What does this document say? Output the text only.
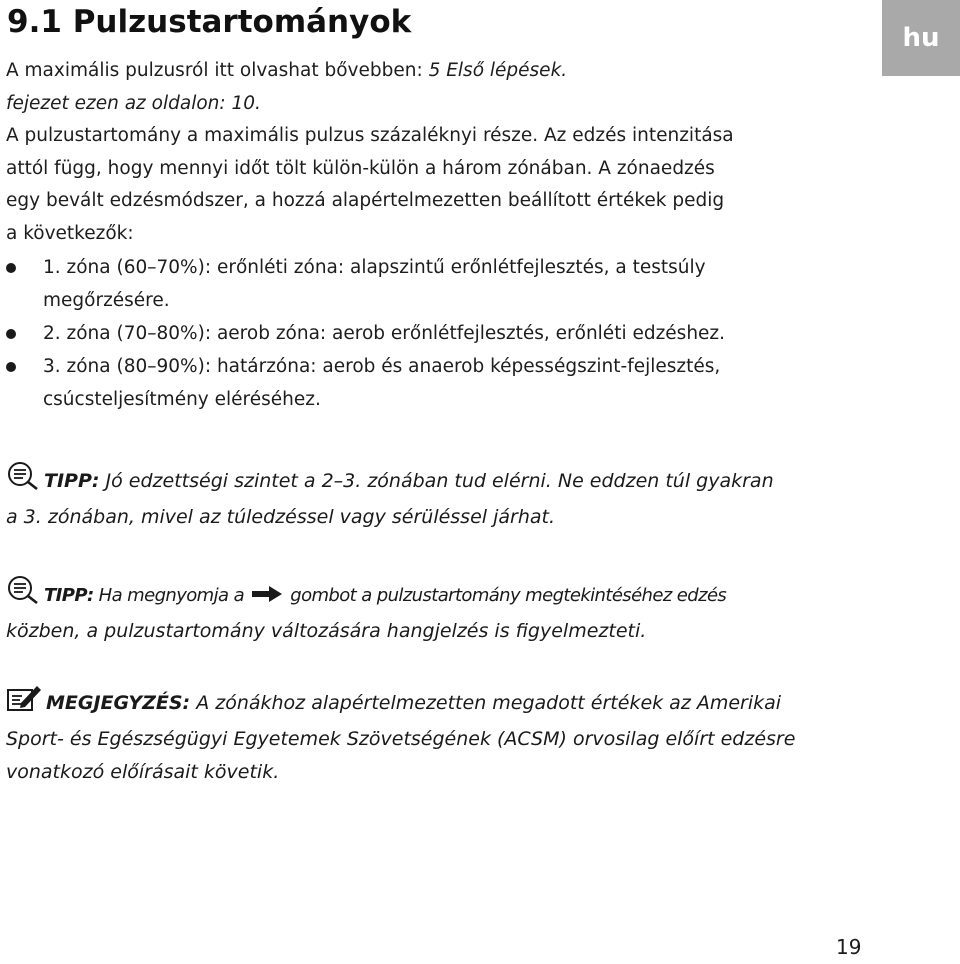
9.1 Pulzustartományok	hu

A maximális pulzusról itt olvashat bővebben: 5 Első lépések.

fejezet ezen az oldalon: 10.

A pulzustartomány a maximális pulzus százaléknyi része. Az edzés intenzitása

attól függ, hogy mennyi időt tölt külön-külön a három zónában. A zónaedzés

egy bevált edzésmódszer, a hozzá alapértelmezetten beállított értékek pedig

a következők:

1. zóna (60–70%): erőnléti zóna: alapszintű erőnlétfejlesztés, a testsúly
megőrzésére.
2. zóna (70–80%): aerob zóna: aerob erőnlétfejlesztés, erőnléti edzéshez.
3. zóna (80–90%): határzóna: aerob és anaerob képességszint-fejlesztés,
csúcsteljesítmény eléréséhez.
TIPP: Jó edzettségi szintet a 2–3. zónában tud elérni. Ne eddzen túl gyakran
a 3. zónában, mivel az túledzéssel vagy sérüléssel járhat.
TIPP: Ha megnyomja a  gombot a pulzustartomány megtekintéséhez edzés
közben, a pulzustartomány változására hangjelzés is figyelmezteti.
MEGJEGYZÉS: A zónákhoz alapértelmezetten megadott értékek az Amerikai
Sport- és Egészségügyi Egyetemek Szövetségének (ACSM) orvosilag előírt edzésre
vonatkozó előírásait követik.
19
